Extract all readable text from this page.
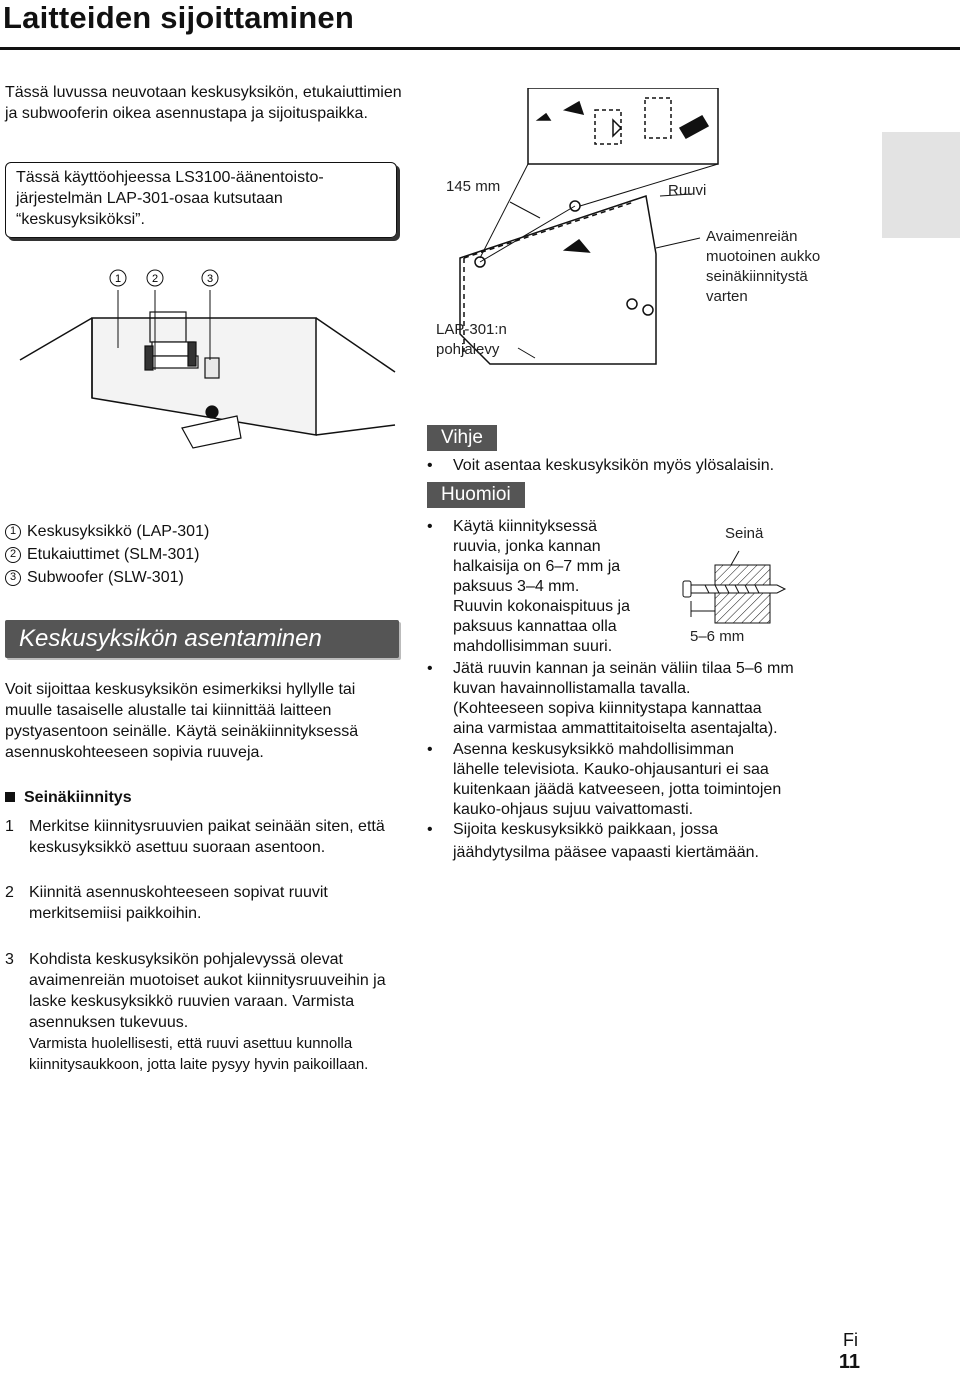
Laitteiden sijoittaminen
Tässä luvussa neuvotaan keskusyksikön, etukaiuttimien ja subwooferin oikea asennustapa ja sijoituspaikka.
Tässä käyttöohjeessa LS3100-äänentoistojärjestelmän LAP-301-osaa kutsutaan “keskusyksiköksi”.
1	2	3
1 Keskusyksikkö (LAP-301)
2 Etukaiuttimet (SLM-301)
3 Subwoofer (SLW-301)
Keskusyksikön asentaminen
Voit sijoittaa keskusyksikön esimerkiksi hyllylle tai muulle tasaiselle alustalle tai kiinnittää laitteen pystyasentoon seinälle. Käytä seinäkiinnityksessä asennuskohteeseen sopivia ruuveja.
Seinäkiinnitys
1 Merkitse kiinnitysruuvien paikat seinään siten, että keskusyksikkö asettuu suoraan asentoon.
2 Kiinnitä asennuskohteeseen sopivat ruuvit merkitsemiisi paikkoihin.
3 Kohdista keskusyksikön pohjalevyssä olevat avaimenreiän muotoiset aukot kiinnitysruuveihin ja laske keskusyksikkö ruuvien varaan. Varmista asennuksen tukevuus.
Varmista huolellisesti, että ruuvi asettuu kunnolla kiinnitysaukkoon, jotta laite pysyy hyvin paikoillaan.
145 mm	Ruuvi
Avaimenreiän
muotoinen aukko
seinäkiinnitystä
varten
LAP-301:n
pohjalevy
Vihje
•	Voit asentaa keskusyksikön myös ylösalaisin.
Huomioi
•	Käytä kiinnityksessä
ruuvia, jonka kannan
halkaisija on 6–7 mm ja
paksuus 3–4 mm.
Ruuvin kokonaispituus ja
paksuus kannattaa olla
mahdollisimman suuri.
Seinä
5–6 mm
•	Jätä ruuvin kannan ja seinän väliin tilaa 5–6 mm
kuvan havainnollistamalla tavalla.
(Kohteeseen sopiva kiinnitystapa kannattaa
aina varmistaa ammattitaitoiselta asentajalta).
•	Asenna keskusyksikkö mahdollisimman
lähelle televisiota. Kauko-ohjausanturi ei saa
kuitenkaan jäädä katveeseen, jotta toimintojen
kauko-ohjaus sujuu vaivattomasti.
•	Sijoita keskusyksikkö paikkaan, jossa
jäähdytysilma pääsee vapaasti kiertämään.
Fi
11
